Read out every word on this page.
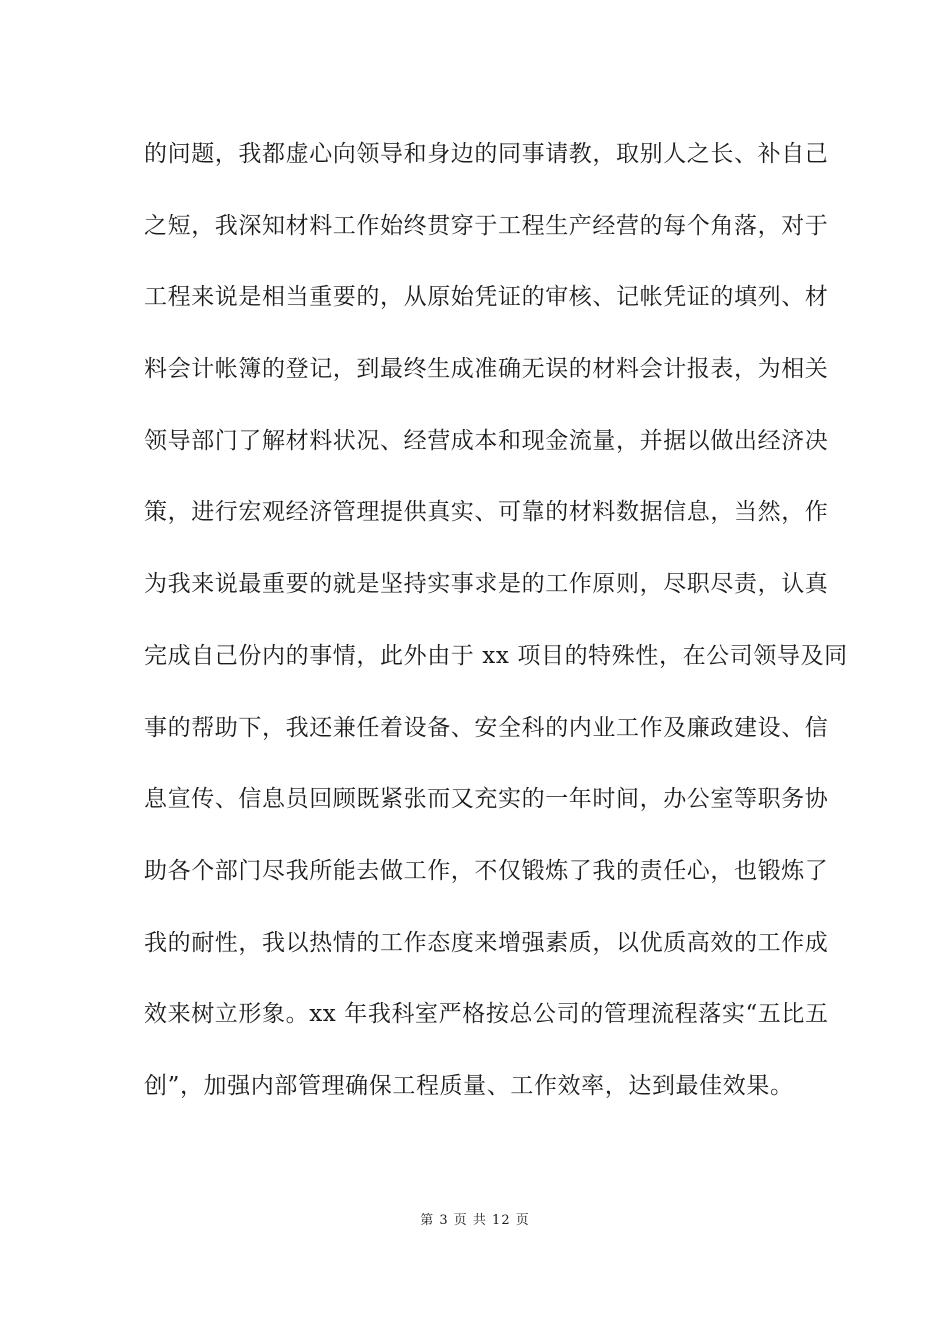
的问题，我都虚心向领导和身边的同事请教，取别人之长、补自己
之短，我深知材料工作始终贯穿于工程生产经营的每个角落，对于
工程来说是相当重要的，从原始凭证的审核、记帐凭证的填列、材
料会计帐簿的登记，到最终生成准确无误的材料会计报表，为相关
领导部门了解材料状况、经营成本和现金流量，并据以做出经济决
策，进行宏观经济管理提供真实、可靠的材料数据信息，当然，作
为我来说最重要的就是坚持实事求是的工作原则，尽职尽责，认真
完成自己份内的事情，此外由于 xx 项目的特殊性，在公司领导及同
事的帮助下，我还兼任着设备、安全科的内业工作及廉政建设、信
息宣传、信息员回顾既紧张而又充实的一年时间，办公室等职务协
助各个部门尽我所能去做工作，不仅锻炼了我的责任心，也锻炼了
我的耐性，我以热情的工作态度来增强素质，以优质高效的工作成
效来树立形象。xx 年我科室严格按总公司的管理流程落实“五比五
创”，加强内部管理确保工程质量、工作效率，达到最佳效果。

第 3 页 共 12 页
